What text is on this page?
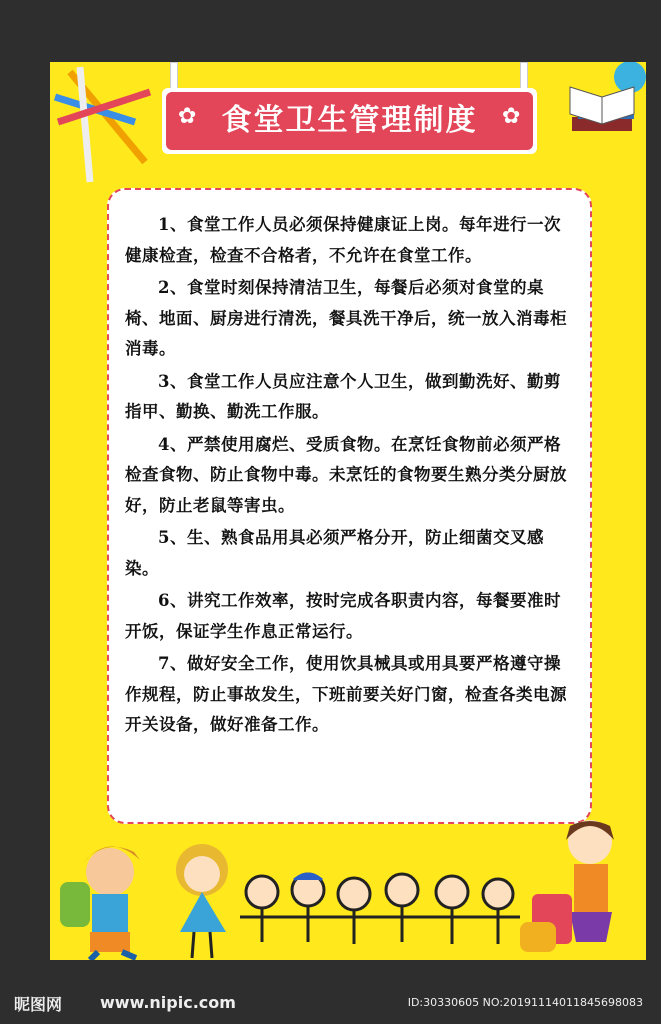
食堂卫生管理制度
✿	✿

1、食堂工作人员必须保持健康证上岗。每年进行一次健康检查，检查不合格者，不允许在食堂工作。

2、食堂时刻保持清洁卫生，每餐后必须对食堂的桌椅、地面、厨房进行清洗，餐具洗干净后，统一放入消毒柜消毒。

3、食堂工作人员应注意个人卫生，做到勤洗好、勤剪指甲、勤换、勤洗工作服。

4、严禁使用腐烂、受质食物。在烹饪食物前必须严格检查食物、防止食物中毒。未烹饪的食物要生熟分类分厨放好，防止老鼠等害虫。

5、生、熟食品用具必须严格分开，防止细菌交叉感染。

6、讲究工作效率，按时完成各职责内容，每餐要准时开饭，保证学生作息正常运行。

7、做好安全工作，使用饮具械具或用具要严格遵守操作规程，防止事故发生，下班前要关好门窗，检查各类电源开关设备，做好准备工作。

昵图网 www.nipic.com	ID:30330605 NO:20191114011845698083
